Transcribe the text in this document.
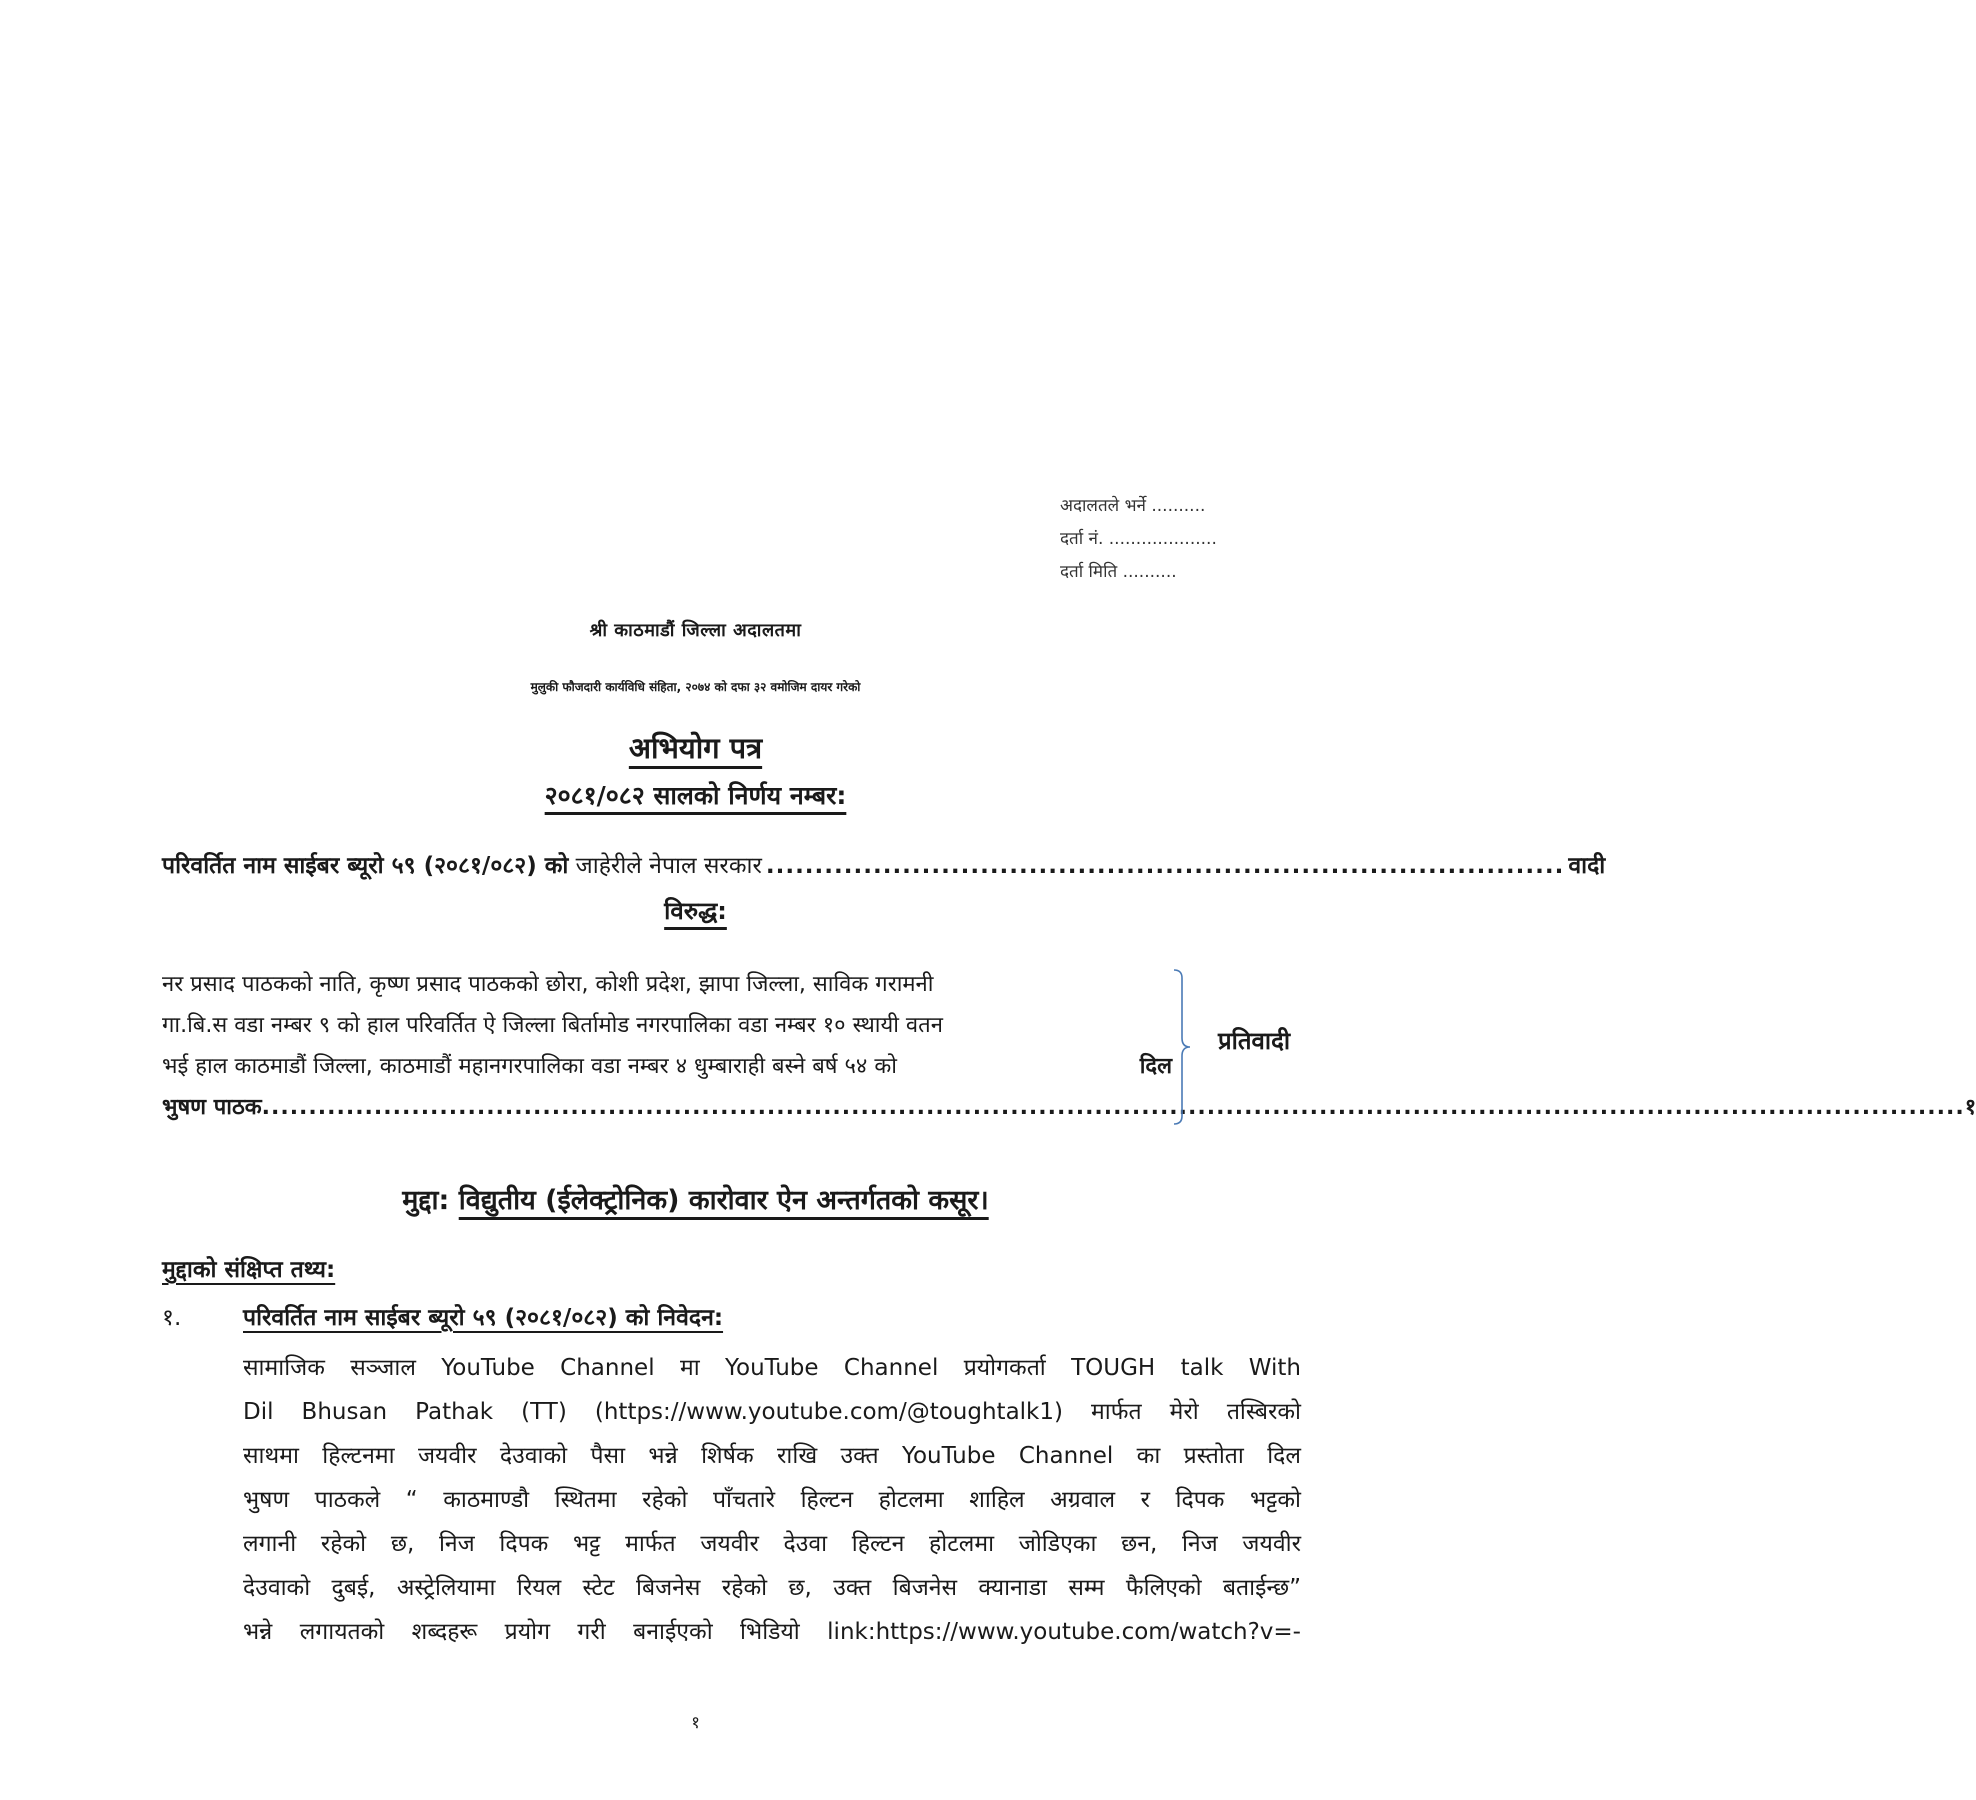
अदालतले भर्ने ..........
दर्ता नं. ....................
दर्ता मिति ..........
श्री काठमाडौं जिल्ला अदालतमा
मुलुकी फौजदारी कार्यविधि संहिता, २०७४ को दफा ३२ वमोजिम दायर गरेको
अभियोग पत्र
२०८१/०८२ सालको निर्णय नम्बर:
परिवर्तित नाम साईबर ब्यूरो ५९ (२०८१/०८२) को
जाहेरीले नेपाल सरकार .................................................................................. वादी
विरुद्ध:
नर प्रसाद पाठकको नाति, कृष्ण प्रसाद पाठकको छोरा, कोशी प्रदेश, झापा जिल्ला, साविक गरामनी
गा.बि.स वडा नम्बर ९ को हाल परिवर्तित ऐ जिल्ला बिर्तामोड नगरपालिका वडा नम्बर १० स्थायी वतन
भई हाल काठमाडौं जिल्ला, काठमाडौं महानगरपालिका वडा नम्बर ४ धुम्बाराही बस्ने बर्ष ५४ को	दिल
भुषण पाठक ...................................................................................................................................................................................... १
प्रतिवादी
मुद्दा: विद्युतीय (ईलेक्ट्रोनिक) कारोवार ऐन अन्तर्गतको कसूर।
मुद्दाको संक्षिप्त तथ्य:
१.	परिवर्तित नाम साईबर ब्यूरो ५९ (२०८१/०८२) को निवेदन:
सामाजिक सञ्जाल YouTube Channel मा YouTube Channel प्रयोगकर्ता TOUGH talk With
Dil Bhusan Pathak (TT) (https://www.youtube.com/@toughtalk1) मार्फत मेरो तस्बिरको
साथमा हिल्टनमा जयवीर देउवाको पैसा भन्ने शिर्षक राखि उक्त YouTube Channel का प्रस्तोता दिल
भुषण पाठकले “ काठमाण्डौ स्थितमा रहेको पाँचतारे हिल्टन होटलमा शाहिल अग्रवाल र दिपक भट्टको
लगानी रहेको छ, निज दिपक भट्ट मार्फत जयवीर देउवा हिल्टन होटलमा जोडिएका छन, निज जयवीर
देउवाको दुबई, अस्ट्रेलियामा रियल स्टेट बिजनेस रहेको छ, उक्त बिजनेस क्यानाडा सम्म फैलिएको बताईन्छ”
भन्ने लगायतको शब्दहरू प्रयोग गरी बनाईएको भिडियो link:https://www.youtube.com/watch?v=-
१
